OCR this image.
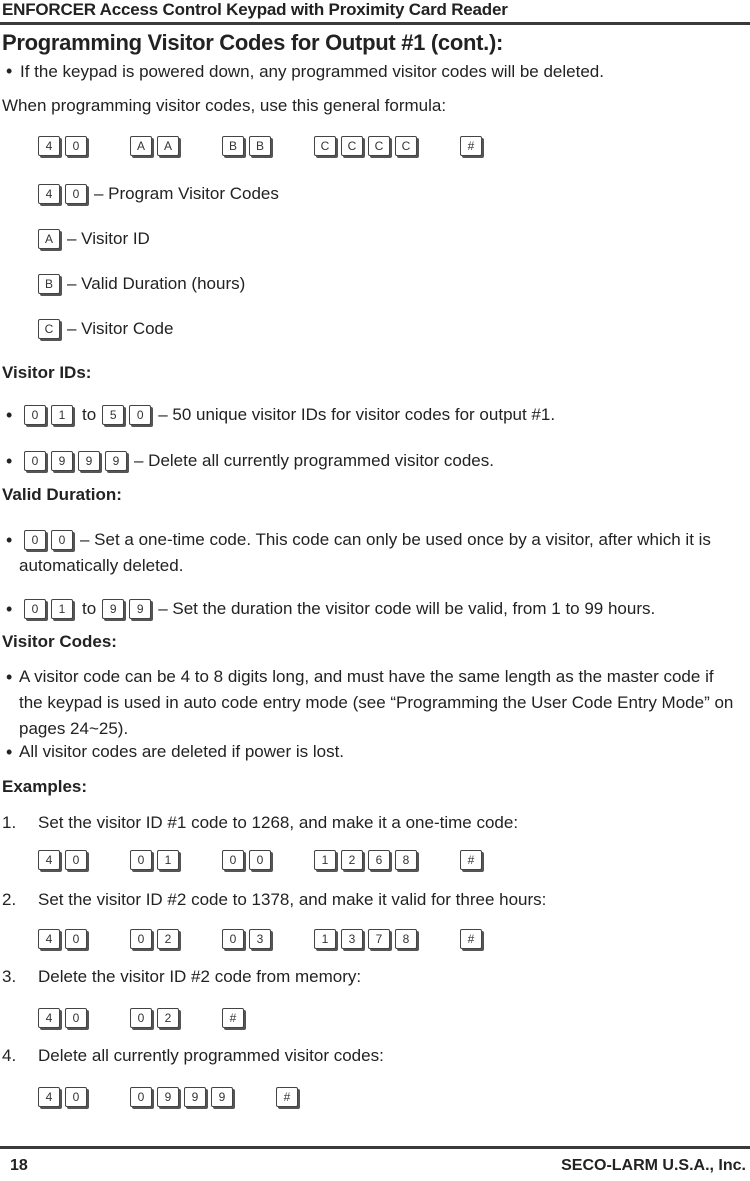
ENFORCER Access Control Keypad with Proximity Card Reader
Programming Visitor Codes for Output #1 (cont.):
• If the keypad is powered down, any programmed visitor codes will be deleted.
When programming visitor codes, use this general formula:
4	0	A	A	B	B	C	C	C	C	#
4	0 – Program Visitor Codes
A – Visitor ID
B – Valid Duration (hours)
C – Visitor Code
Visitor IDs:
•	0	1 to	5	0 – 50 unique visitor IDs for visitor codes for output #1.
•	0	9	9	9 – Delete all currently programmed visitor codes.
Valid Duration:
•	0	0 – Set a one-time code. This code can only be used once by a visitor, after which it is
automatically deleted.
•	0	1 to	9	9 – Set the duration the visitor code will be valid, from 1 to 99 hours.
Visitor Codes:
• A visitor code can be 4 to 8 digits long, and must have the same length as the master code if the keypad is used in auto code entry mode (see “Programming the User Code Entry Mode” on pages 24~25).
• All visitor codes are deleted if power is lost.
Examples:
1. Set the visitor ID #1 code to 1268, and make it a one-time code:
4	0	0	1	0	0	1	2	6	8	#
2. Set the visitor ID #2 code to 1378, and make it valid for three hours:
4	0	0	2	0	3	1	3	7	8	#
3. Delete the visitor ID #2 code from memory:
4	0	0	2	#
4. Delete all currently programmed visitor codes:
4	0	0	9	9	9	#
18	SECO-LARM U.S.A., Inc.
